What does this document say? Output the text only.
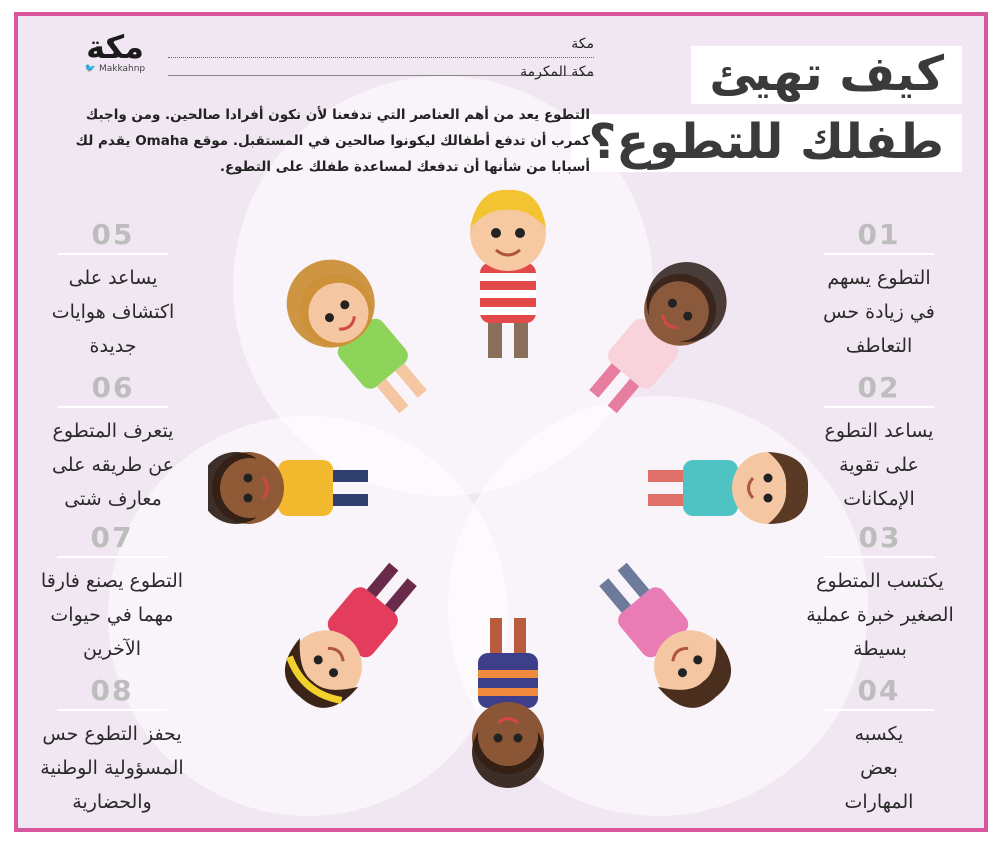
مكة
🐦 Makkahnp
مكة
مكة المكرمة	كيف تهيئ
طفلك للتطوع؟
التطوع يعد من أهم العناصر التي تدفعنا لأن نكون أفرادا صالحين. ومن واجبك
كمرب أن تدفع أطفالك ليكونوا صالحين في المستقبل. موقع Omaha يقدم لك
أسبابا من شأنها أن تدفعك لمساعدة طفلك على التطوع.
01
التطوع يسهم
في زيادة حس
التعاطف
02
يساعد التطوع
على تقوية
الإمكانات
03
يكتسب المتطوع
الصغير خبرة عملية
بسيطة
04
يكسبه
بعض
المهارات
05
يساعد على
اكتشاف هوايات
جديدة
06
يتعرف المتطوع
عن طريقه على
معارف شتى
07
التطوع يصنع فارقا
مهما في حيوات
الآخرين
08
يحفز التطوع حس
المسؤولية الوطنية
والحضارية
